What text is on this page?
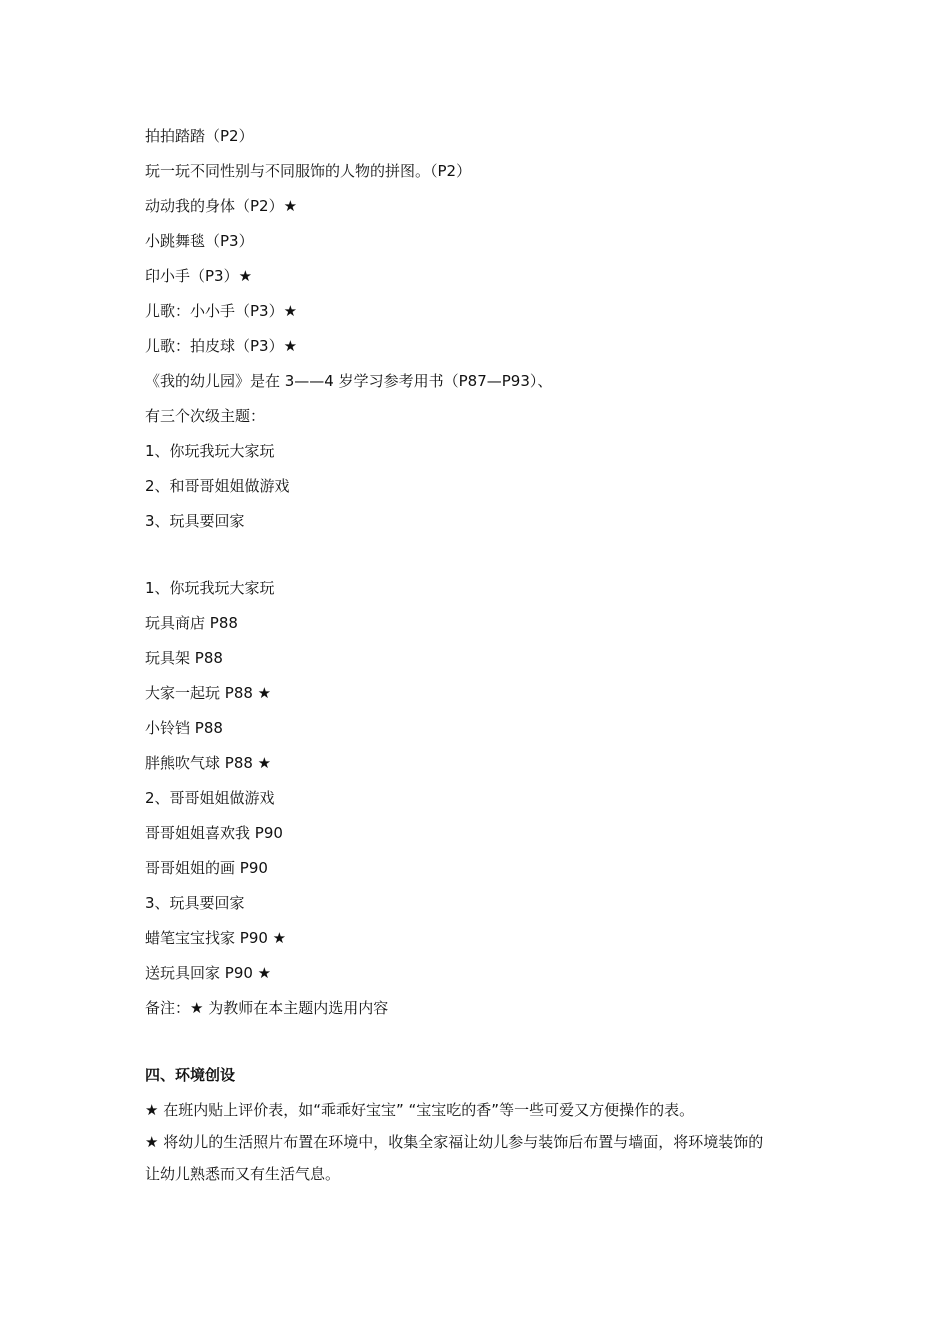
拍拍踏踏（P2）
玩一玩不同性别与不同服饰的人物的拼图。（P2）
动动我的身体（P2）★
小跳舞毯（P3）
印小手（P3）★
儿歌：小小手（P3）★
儿歌：拍皮球（P3）★
《我的幼儿园》是在 3——4 岁学习参考用书（P87—P93）、
有三个次级主题：
1、你玩我玩大家玩
2、和哥哥姐姐做游戏
3、玩具要回家
1、你玩我玩大家玩
玩具商店 P88
玩具架 P88
大家一起玩 P88 ★
小铃铛 P88
胖熊吹气球 P88 ★
2、哥哥姐姐做游戏
哥哥姐姐喜欢我 P90
哥哥姐姐的画 P90
3、玩具要回家
蜡笔宝宝找家 P90 ★
送玩具回家 P90 ★
备注：★ 为教师在本主题内选用内容
四、环境创设
★ 在班内贴上评价表，如“乖乖好宝宝” “宝宝吃的香”等一些可爱又方便操作的表。
★ 将幼儿的生活照片布置在环境中，收集全家福让幼儿参与装饰后布置与墙面，将环境装饰的
让幼儿熟悉而又有生活气息。
